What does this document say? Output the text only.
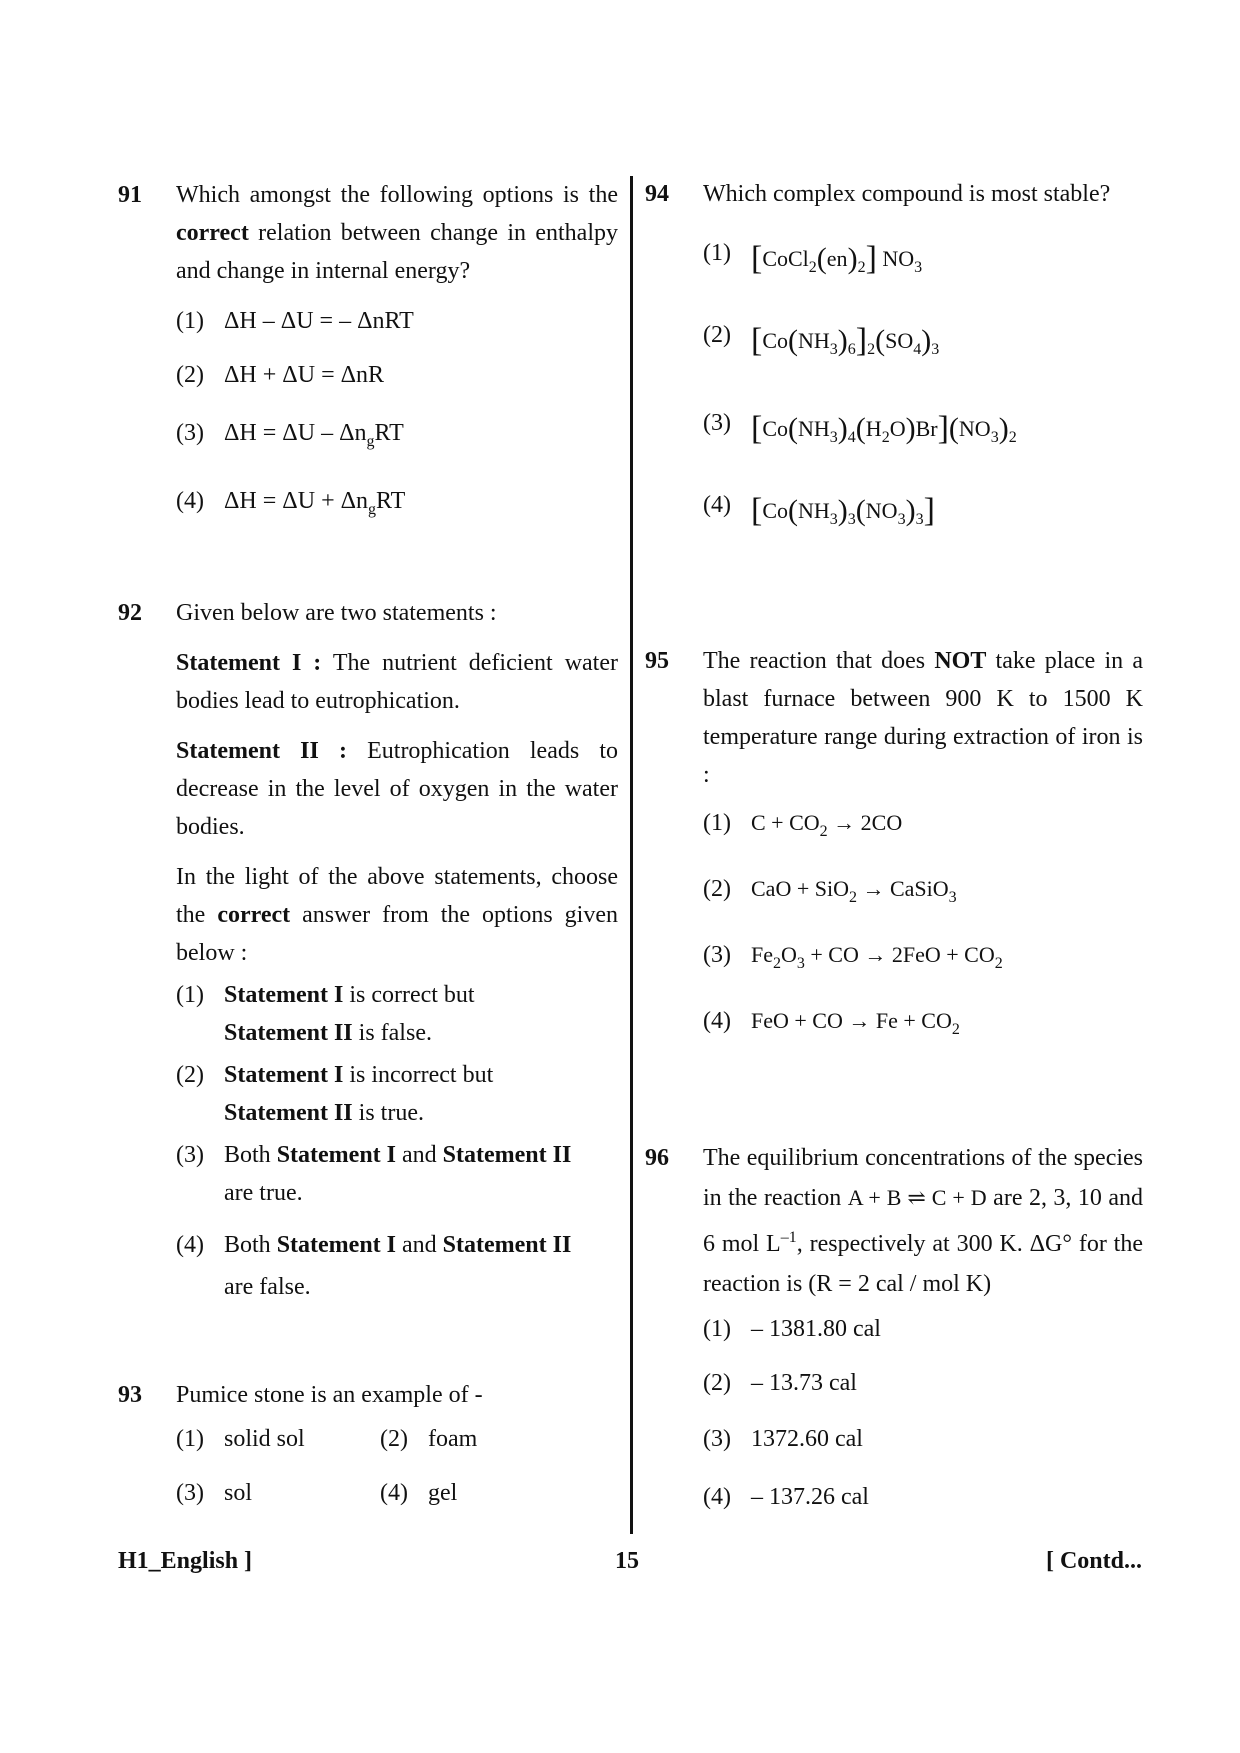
91 Which amongst the following options is the correct relation between change in enthalpy and change in internal energy?
(1) ΔH – ΔU = – ΔnRT
(2) ΔH + ΔU = ΔnR
(3) $\Delta H = \Delta U - \Delta n_gRT$
(4) $\Delta H = \Delta U + \Delta n_gRT$
92 Given below are two statements :

Statement I : The nutrient deficient water bodies lead to eutrophication.

Statement II : Eutrophication leads to decrease in the level of oxygen in the water bodies.

In the light of the above statements, choose the correct answer from the options given below :

(1) Statement I is correct but
Statement II is false.
(2) Statement I is incorrect but
Statement II is true.
(3) Both Statement I and Statement II
are true.
(4) Both Statement I and Statement II
are false.
93 Pumice stone is an example of -
(1) solid sol	(2) foam
(3) sol	(4) gel
94 Which complex compound is most stable?
(1) $[CoCl_2(en)_2]$ $NO_3$
(2) $[Co(NH_3)_6]_2(SO_4)_3$
(3) $[Co(NH_3)_4(H_2O)Br](NO_3)_2$
(4) $[Co(NH_3)_3(NO_3)_3]$
95 The reaction that does NOT take place in a blast furnace between 900 K to 1500 K temperature range during extraction of iron is :
(1) $C + CO_2 \to 2CO$
(2) CaO + SiO$_2$ → CaSiO$_3$
(3) $Fe_2O_3$ + CO → $2FeO + CO_2$
(4) FeO + CO → $Fe + CO_2$
96 The equilibrium concentrations of the species in the reaction A + B ⇌ C + D are 2, 3, 10 and 6 mol $L^{-1}$, respectively at 300 K. ΔG° for the reaction is (R = 2 cal / mol K)
(1) – 1381.80 cal
(2) – 13.73 cal
(3) 1372.60 cal
(4) – 137.26 cal
H1_English ]	15	[ Contd...
